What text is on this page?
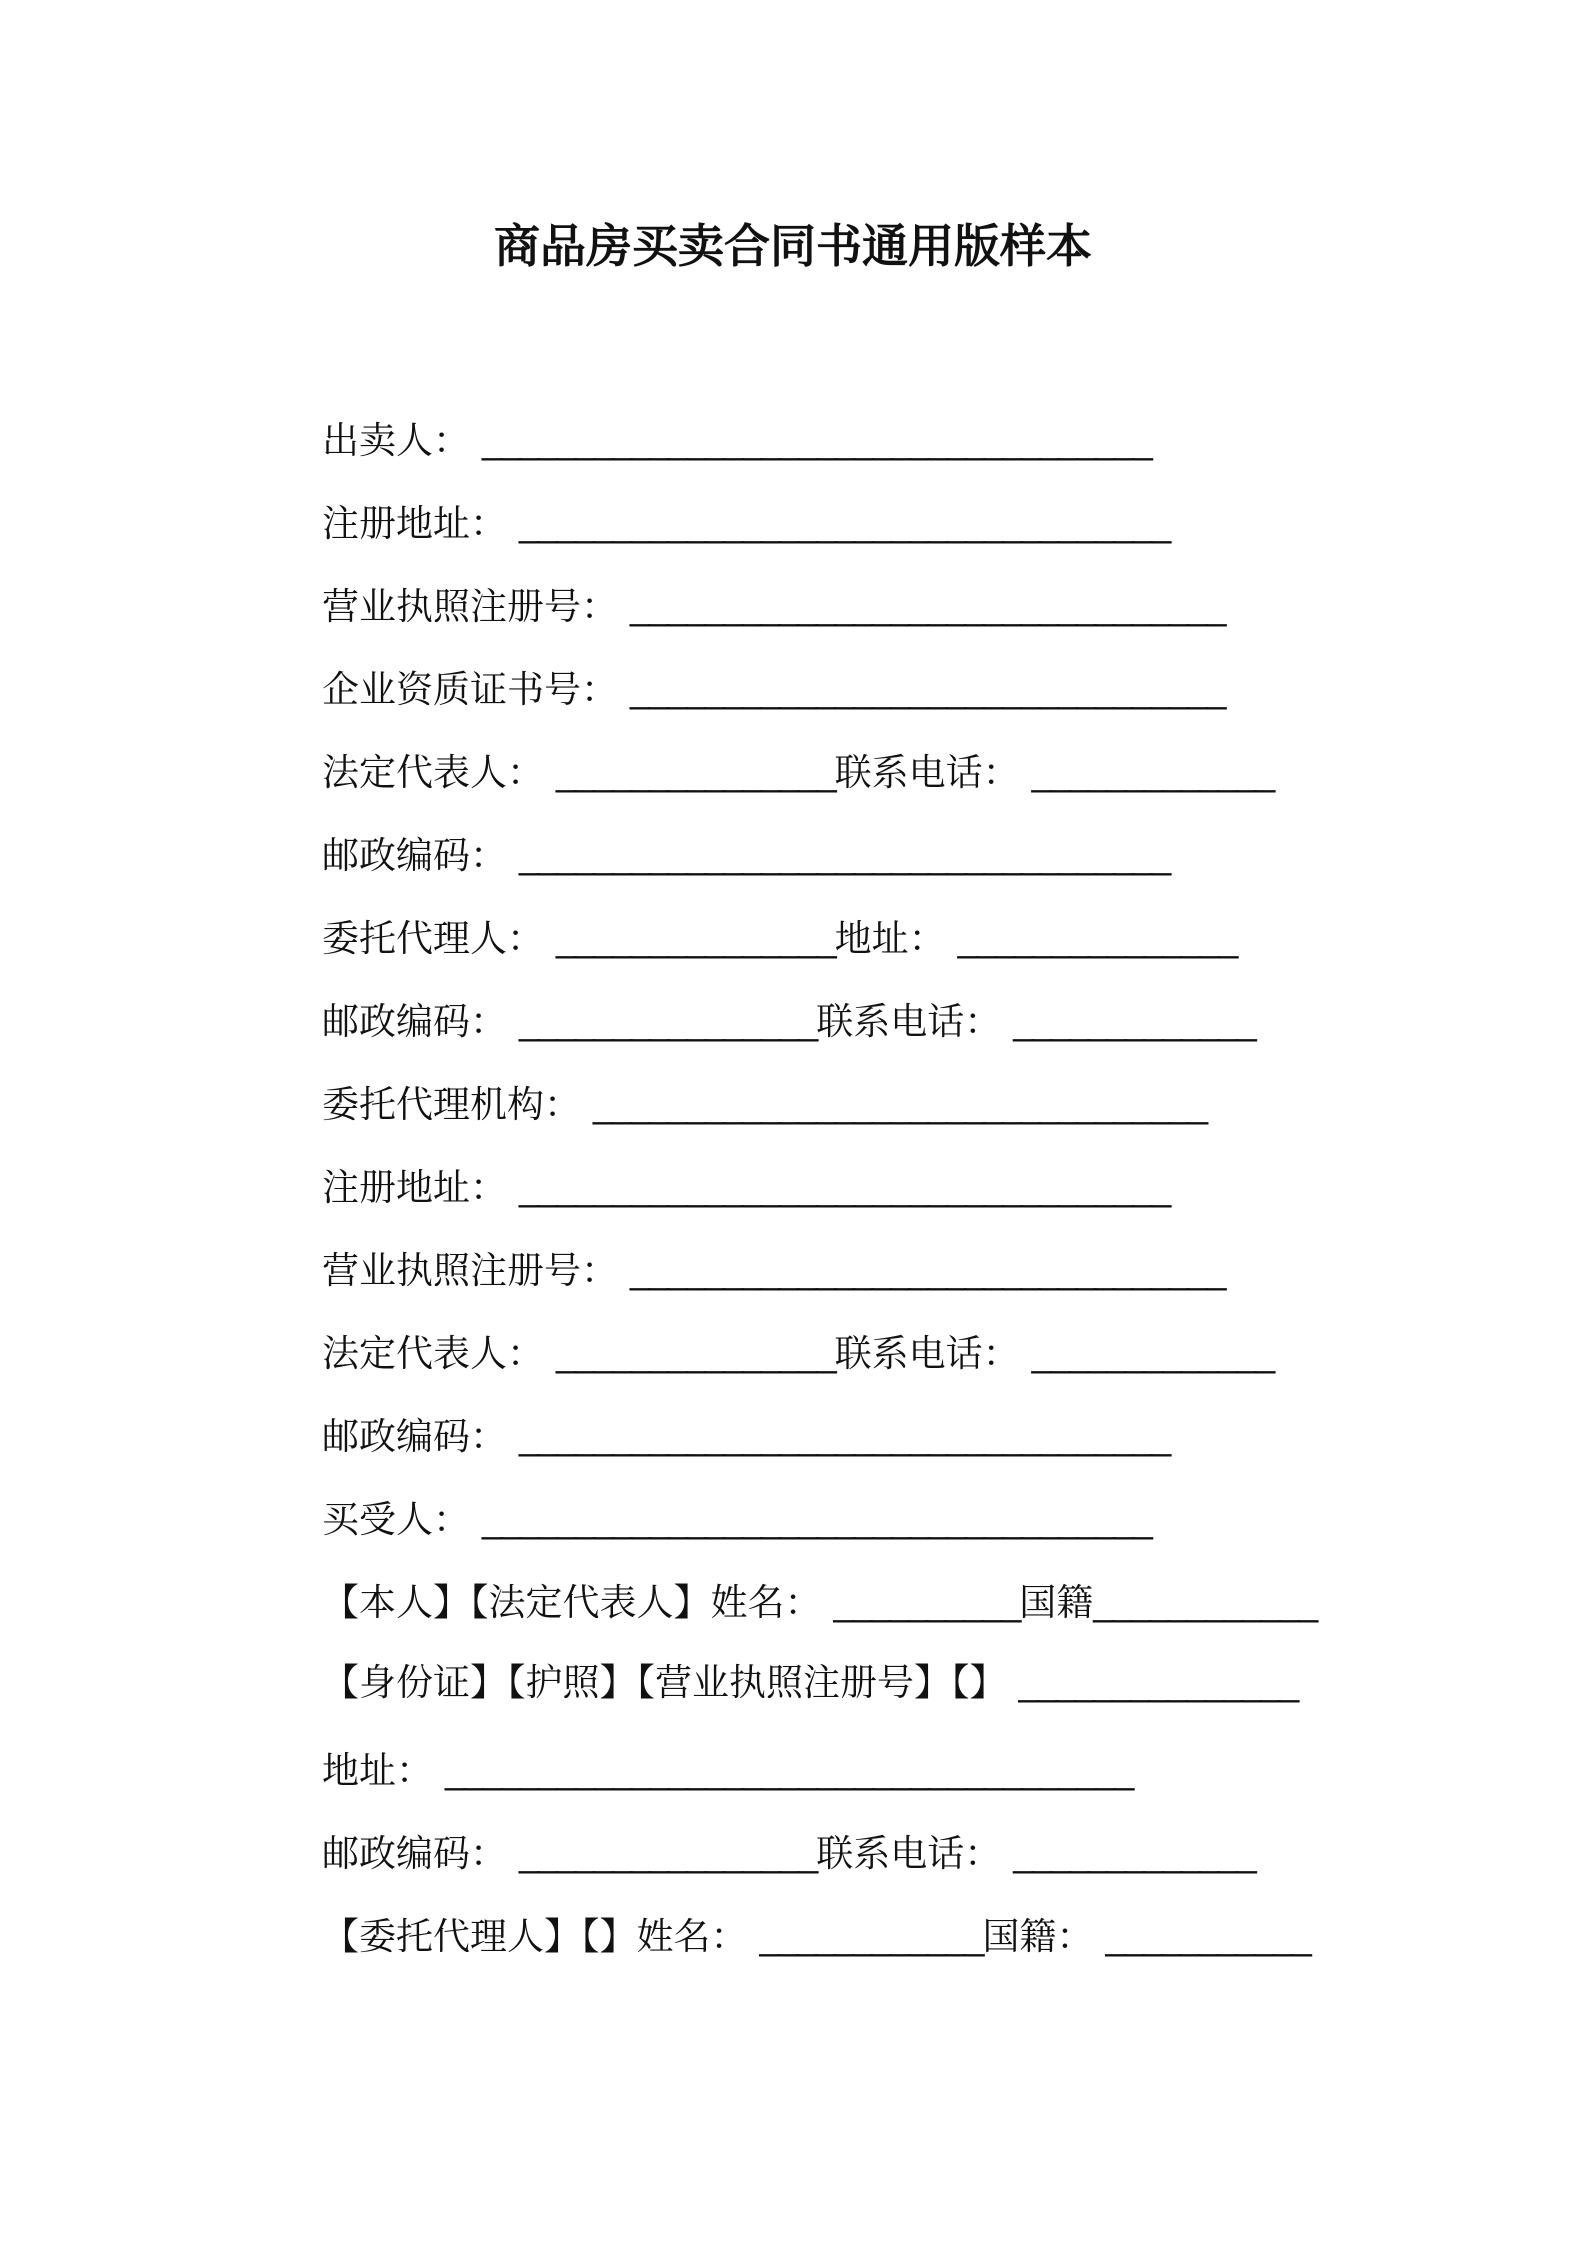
商品房买卖合同书通用版样本
出卖人： ____________________________________
注册地址： ___________________________________
营业执照注册号： ________________________________
企业资质证书号： ________________________________
法定代表人： _______________联系电话： _____________
邮政编码： ___________________________________
委托代理人： _______________地址： _______________
邮政编码： ________________联系电话： _____________
委托代理机构： _________________________________
注册地址： ___________________________________
营业执照注册号： ________________________________
法定代表人： _______________联系电话： _____________
邮政编码： ___________________________________
买受人： ____________________________________
【本人】【法定代表人】姓名： __________国籍____________
【身份证】【护照】【营业执照注册号】【】 _______________
地址： _____________________________________
邮政编码： ________________联系电话： _____________
【委托代理人】【】姓名： ____________国籍： ___________
